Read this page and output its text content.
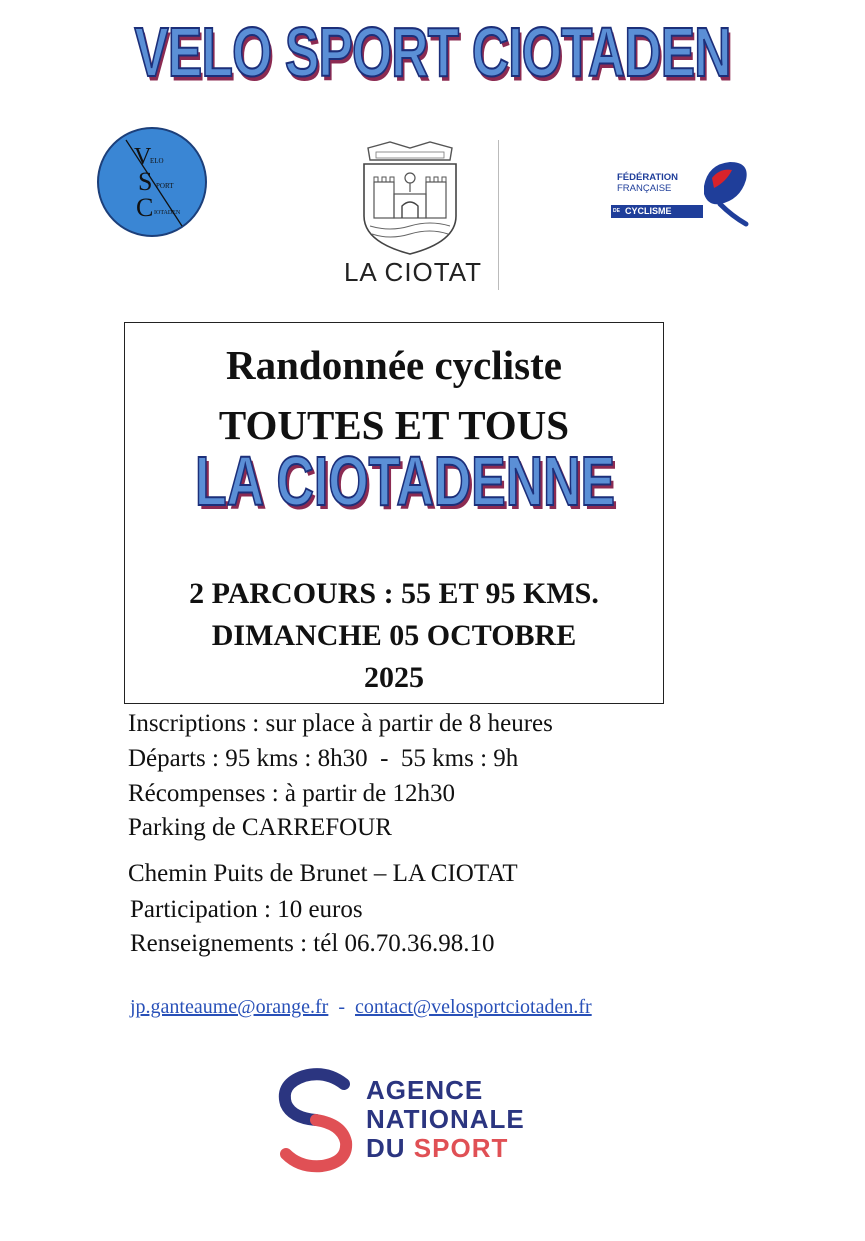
VELO SPORT CIOTADEN
V
ELO
S PORT
C IOTADEN
LA CIOTAT
FÉDÉRATION
FRANÇAISE
DE CYCLISME
Randonnée cycliste
TOUTES ET TOUS
LA CIOTADENNE
2 PARCOURS : 55 ET 95 KMS.
DIMANCHE 05 OCTOBRE
2025
Inscriptions : sur place à partir de 8 heures
Départs : 95 kms : 8h30  -  55 kms : 9h
Récompenses : à partir de 12h30
Parking de CARREFOUR
Chemin Puits de Brunet – LA CIOTAT
Participation : 10 euros
Renseignements : tél 06.70.36.98.10
jp.ganteaume@orange.fr - contact@velosportciotaden.fr
AGENCE
NATIONALE
DU SPORT
